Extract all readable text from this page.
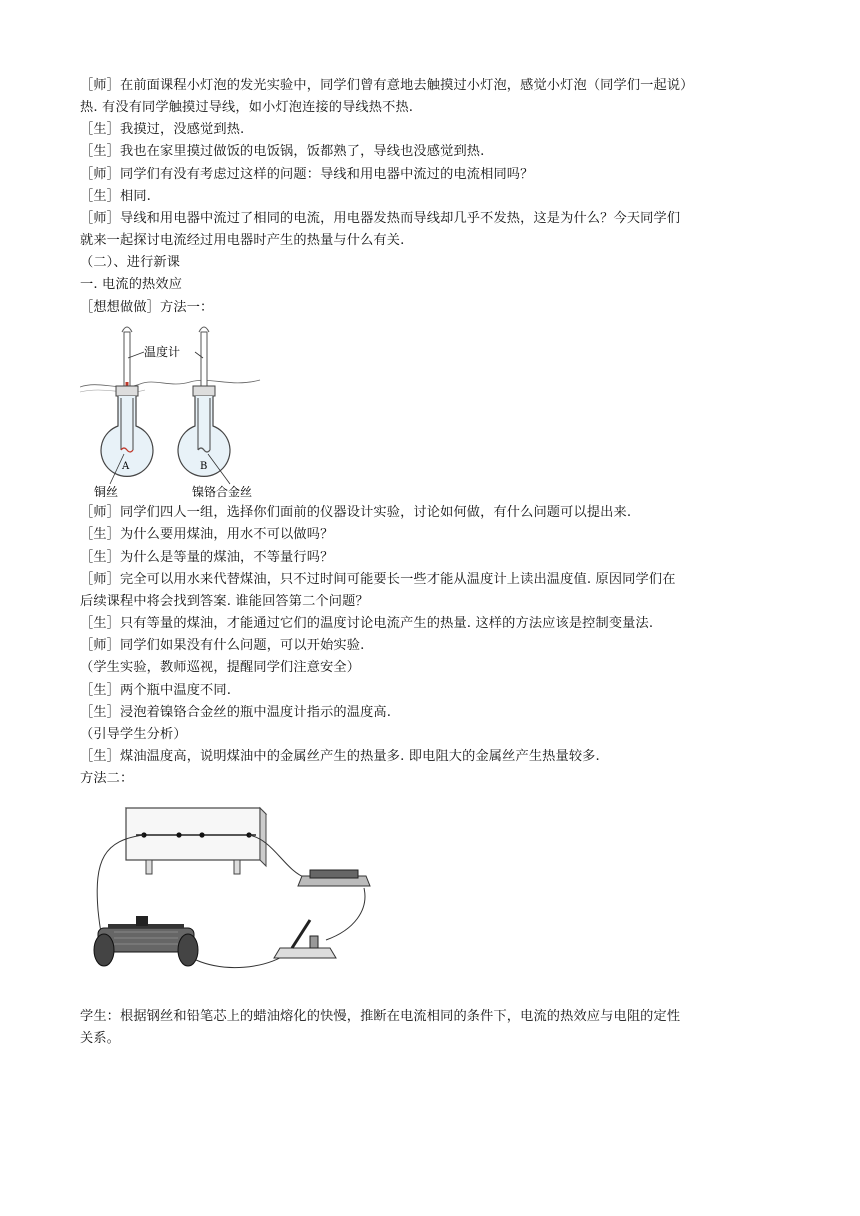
［师］在前面课程小灯泡的发光实验中，同学们曾有意地去触摸过小灯泡，感觉小灯泡（同学们一起说）
热. 有没有同学触摸过导线，如小灯泡连接的导线热不热.
［生］我摸过，没感觉到热.
［生］我也在家里摸过做饭的电饭锅，饭都熟了，导线也没感觉到热.
［师］同学们有没有考虑过这样的问题：导线和用电器中流过的电流相同吗？
［生］相同.
［师］导线和用电器中流过了相同的电流，用电器发热而导线却几乎不发热，这是为什么？今天同学们
就来一起探讨电流经过用电器时产生的热量与什么有关.
（二）、进行新课
一. 电流的热效应
［想想做做］方法一：
A	B
温度计
铜丝	镍铬合金丝
［师］同学们四人一组，选择你们面前的仪器设计实验，讨论如何做，有什么问题可以提出来.
［生］为什么要用煤油，用水不可以做吗？
［生］为什么是等量的煤油，不等量行吗？
［师］完全可以用水来代替煤油，只不过时间可能要长一些才能从温度计上读出温度值. 原因同学们在
后续课程中将会找到答案. 谁能回答第二个问题？
［生］只有等量的煤油，才能通过它们的温度讨论电流产生的热量. 这样的方法应该是控制变量法.
［师］同学们如果没有什么问题，可以开始实验.
（学生实验，教师巡视，提醒同学们注意安全）
［生］两个瓶中温度不同.
［生］浸泡着镍铬合金丝的瓶中温度计指示的温度高.
（引导学生分析）
［生］煤油温度高，说明煤油中的金属丝产生的热量多. 即电阻大的金属丝产生热量较多.
方法二：
学生：根据钢丝和铅笔芯上的蜡油熔化的快慢，推断在电流相同的条件下，电流的热效应与电阻的定性
关系。
